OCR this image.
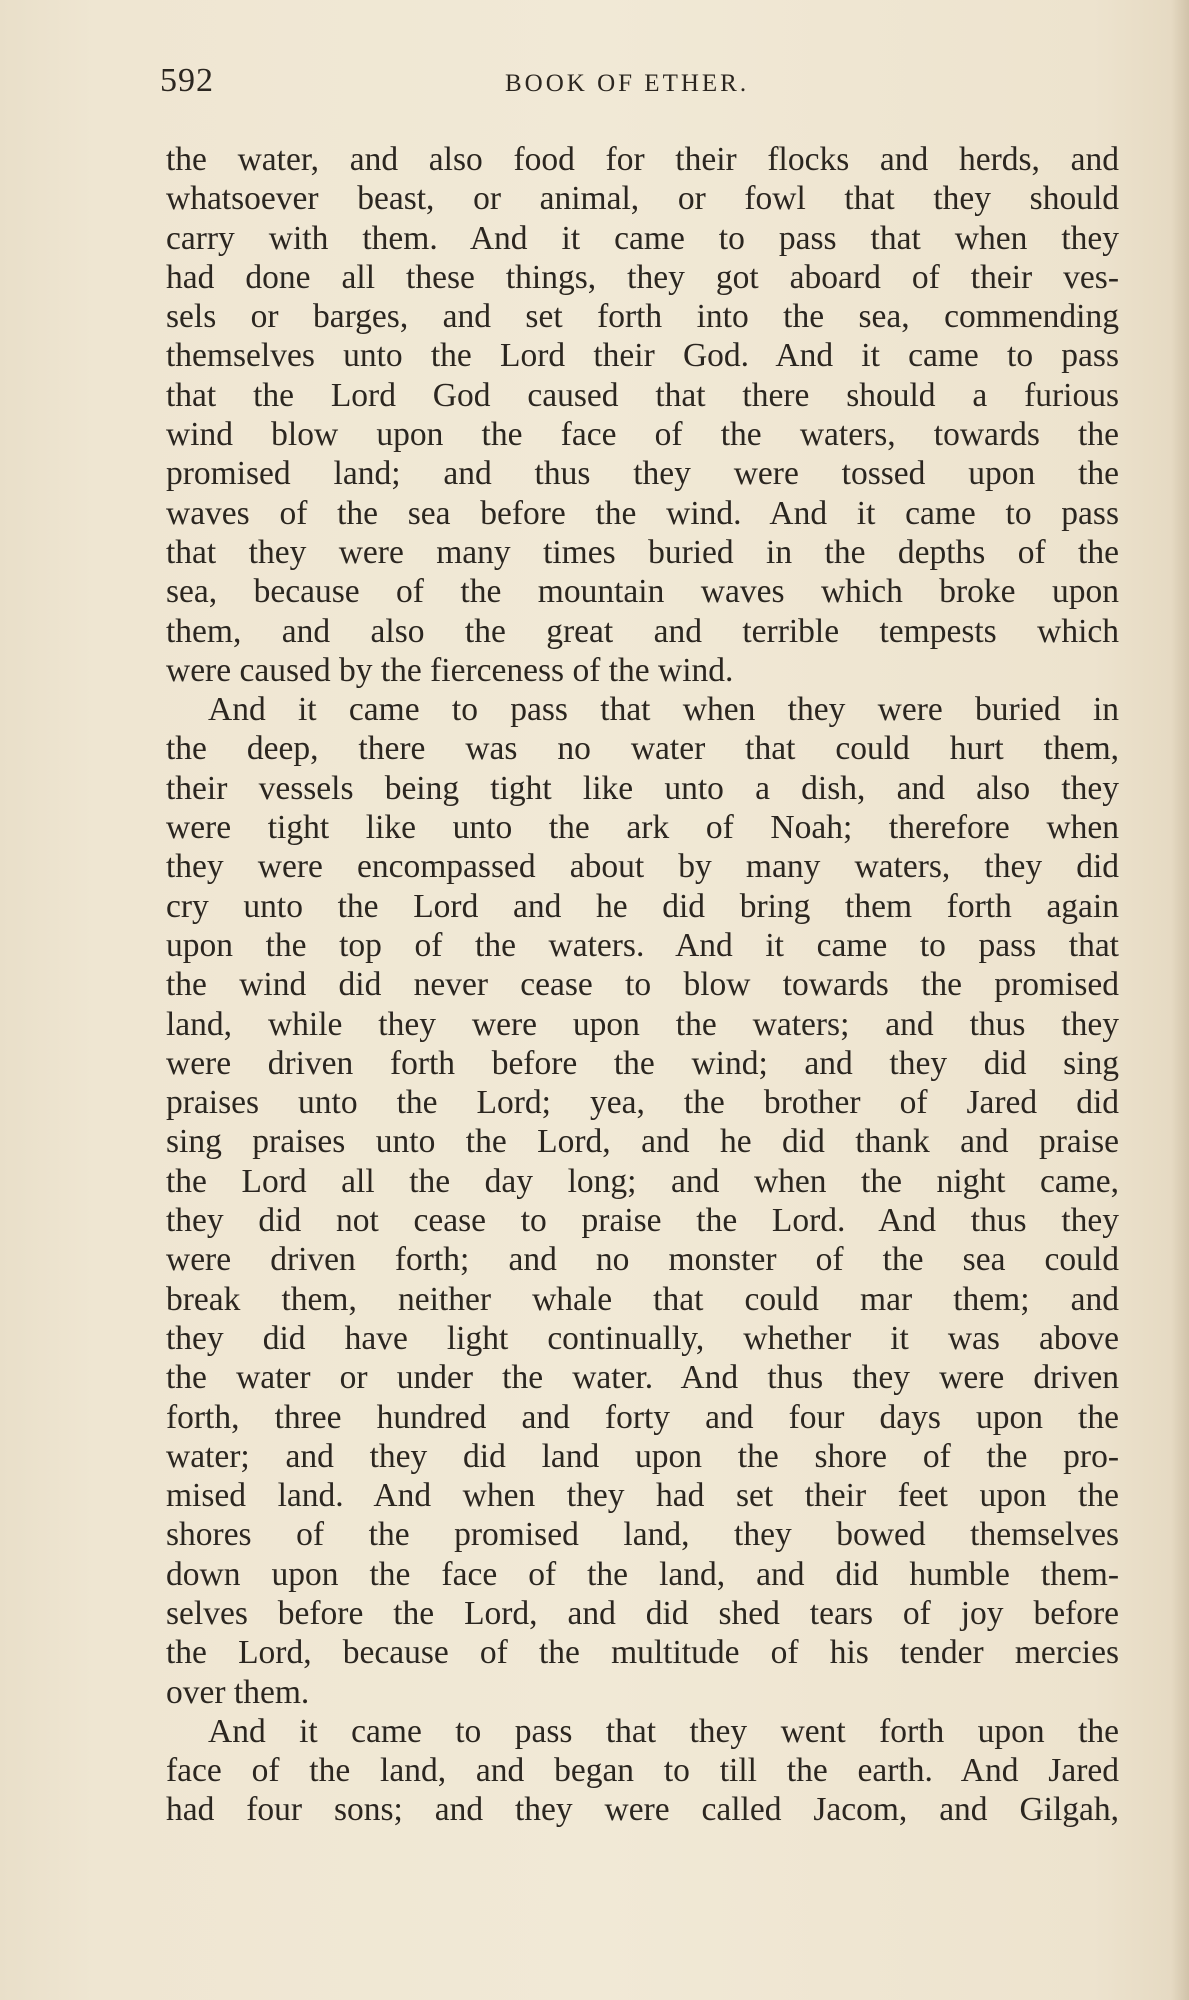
592	BOOK OF ETHER.
the water, and also food for their flocks and herds, and
whatsoever beast, or animal, or fowl that they should
carry with them. And it came to pass that when they
had done all these things, they got aboard of their ves-
sels or barges, and set forth into the sea, commending
themselves unto the Lord their God. And it came to pass
that the Lord God caused that there should a furious
wind blow upon the face of the waters, towards the
promised land; and thus they were tossed upon the
waves of the sea before the wind. And it came to pass
that they were many times buried in the depths of the
sea, because of the mountain waves which broke upon
them, and also the great and terrible tempests which
were caused by the fierceness of the wind.
And it came to pass that when they were buried in
the deep, there was no water that could hurt them,
their vessels being tight like unto a dish, and also they
were tight like unto the ark of Noah; therefore when
they were encompassed about by many waters, they did
cry unto the Lord and he did bring them forth again
upon the top of the waters. And it came to pass that
the wind did never cease to blow towards the promised
land, while they were upon the waters; and thus they
were driven forth before the wind; and they did sing
praises unto the Lord; yea, the brother of Jared did
sing praises unto the Lord, and he did thank and praise
the Lord all the day long; and when the night came,
they did not cease to praise the Lord. And thus they
were driven forth; and no monster of the sea could
break them, neither whale that could mar them; and
they did have light continually, whether it was above
the water or under the water. And thus they were driven
forth, three hundred and forty and four days upon the
water; and they did land upon the shore of the pro-
mised land. And when they had set their feet upon the
shores of the promised land, they bowed themselves
down upon the face of the land, and did humble them-
selves before the Lord, and did shed tears of joy before
the Lord, because of the multitude of his tender mercies
over them.
And it came to pass that they went forth upon the
face of the land, and began to till the earth. And Jared
had four sons; and they were called Jacom, and Gilgah,
